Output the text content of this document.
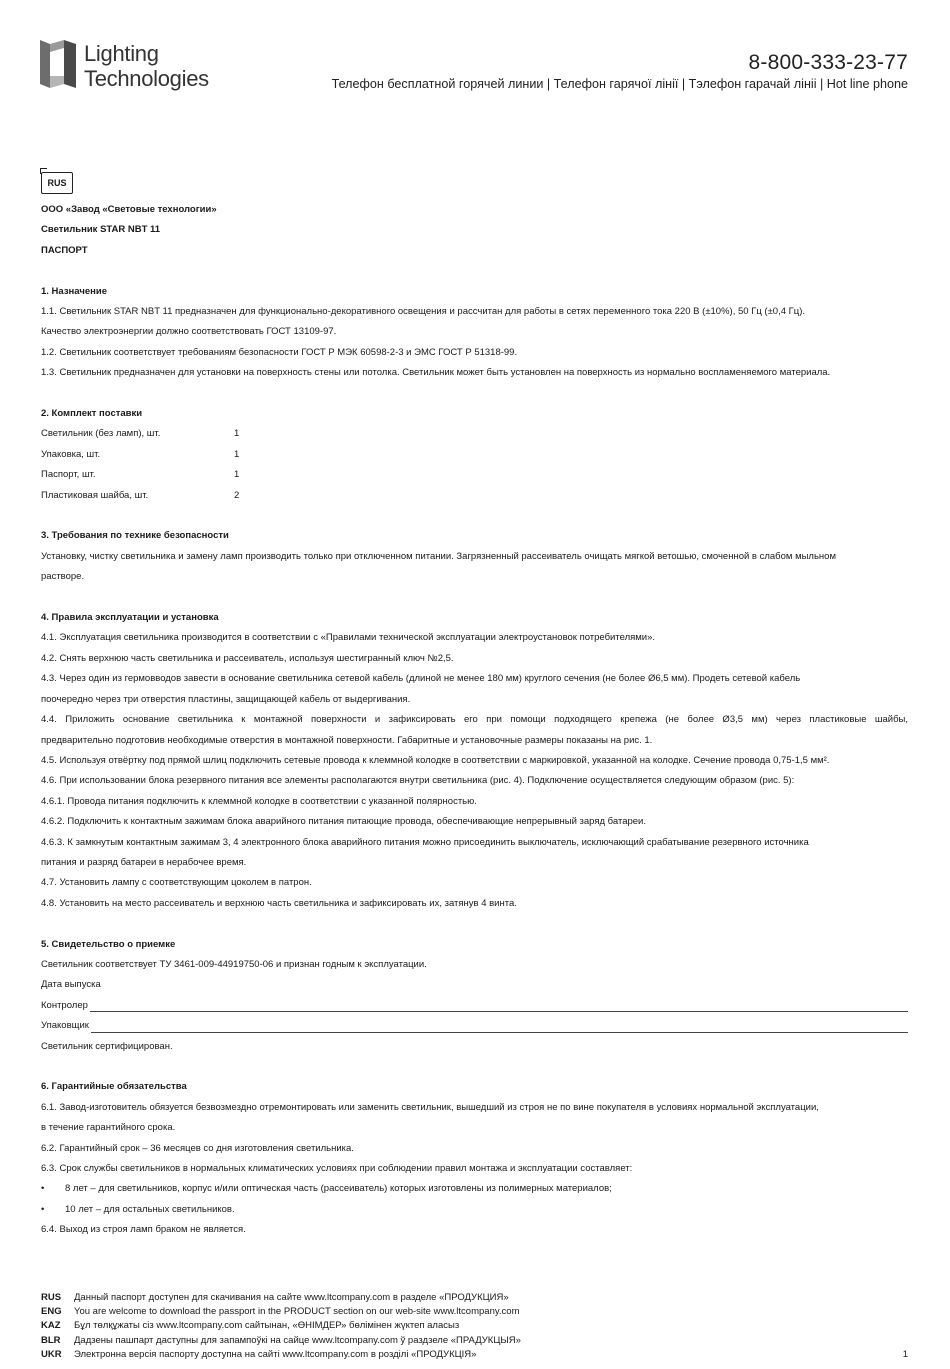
Lighting
Technologies
8-800-333-23-77
Телефон бесплатной горячей линии | Телефон гарячої лінії | Тэлефон гарачай лініі | Hot line phone
RUS
ООО «Завод «Световые технологии»
Светильник STAR NBT 11
ПАСПОРТ
1. Назначение
1.1. Светильник STAR NBT 11 предназначен для функционально-декоративного освещения и рассчитан для работы в сетях переменного тока 220 В (±10%), 50 Гц (±0,4 Гц).
Качество электроэнергии должно соответствовать ГОСТ 13109-97.
1.2. Светильник соответствует требованиям безопасности ГОСТ Р МЭК 60598-2-3 и ЭМС ГОСТ Р 51318-99.
1.3. Светильник предназначен для установки на поверхность стены или потолка. Светильник может быть установлен на поверхность из нормально воспламеняемого материала.
2. Комплект поставки
Светильник (без ламп), шт.	1
Упаковка, шт.	1
Паспорт, шт.	1
Пластиковая шайба, шт.	2
3. Требования по технике безопасности
Установку, чистку светильника и замену ламп производить только при отключенном питании. Загрязненный рассеиватель очищать мягкой ветошью, смоченной в слабом мыльном
растворе.
4. Правила эксплуатации и установка
4.1. Эксплуатация светильника производится в соответствии с «Правилами технической эксплуатации электроустановок потребителями».
4.2. Снять верхнюю часть светильника и рассеиватель, используя шестигранный ключ №2,5.
4.3. Через один из гермовводов завести в основание светильника сетевой кабель (длиной не менее 180 мм) круглого сечения (не более Ø6,5 мм). Продеть сетевой кабель
поочередно через три отверстия пластины, защищающей кабель от выдергивания.
4.4. Приложить основание светильника к монтажной поверхности и зафиксировать его при помощи подходящего крепежа (не более Ø3,5 мм) через пластиковые шайбы,
предварительно подготовив необходимые отверстия в монтажной поверхности. Габаритные и установочные размеры показаны на рис. 1.
4.5. Используя отвёртку под прямой шлиц подключить сетевые провода к клеммной колодке в соответствии с маркировкой, указанной на колодке. Сечение провода 0,75-1,5 мм².
4.6. При использовании блока резервного питания все элементы располагаются внутри светильника (рис. 4). Подключение осуществляется следующим образом (рис. 5):
4.6.1. Провода питания подключить к клеммной колодке в соответствии с указанной полярностью.
4.6.2. Подключить к контактным зажимам блока аварийного питания питающие провода, обеспечивающие непрерывный заряд батареи.
4.6.3. К замкнутым контактным зажимам 3, 4 электронного блока аварийного питания можно присоединить выключатель, исключающий срабатывание резервного источника
питания и разряд батареи в нерабочее время.
4.7. Установить лампу с соответствующим цоколем в патрон.
4.8. Установить на место рассеиватель и верхнюю часть светильника и зафиксировать их, затянув 4 винта.
5. Свидетельство о приемке
Светильник соответствует ТУ 3461-009-44919750-06 и признан годным к эксплуатации.
Дата выпуска
Контролер
Упаковщик
Светильник сертифицирован.
6. Гарантийные обязательства
6.1. Завод-изготовитель обязуется безвозмездно отремонтировать или заменить светильник, вышедший из строя не по вине покупателя в условиях нормальной эксплуатации,
в течение гарантийного срока.
6.2. Гарантийный срок – 36 месяцев со дня изготовления светильника.
6.3. Срок службы светильников в нормальных климатических условиях при соблюдении правил монтажа и эксплуатации составляет:
•	8 лет – для светильников, корпус и/или оптическая часть (рассеиватель) которых изготовлены из полимерных материалов;
•	10 лет – для остальных светильников.
6.4. Выход из строя ламп браком не является.
RUS Данный паспорт доступен для скачивания на сайте www.ltcompany.com в разделе «ПРОДУКЦИЯ»
ENG You are welcome to download the passport in the PRODUCT section on our web-site www.ltcompany.com
KAZ Бұл төлқұжаты сіз www.ltcompany.com сайтынан, «ӨНІМДЕР» бөлімінен жүктеп аласыз
BLR Дадзены пашпарт даступны для запампоўкі на сайце www.ltcompany.com ў раздзеле «ПРАДУКЦЫЯ»
UKR Электронна версія паспорту доступна на сайті www.ltcompany.com в розділі «ПРОДУКЦІЯ»	1
